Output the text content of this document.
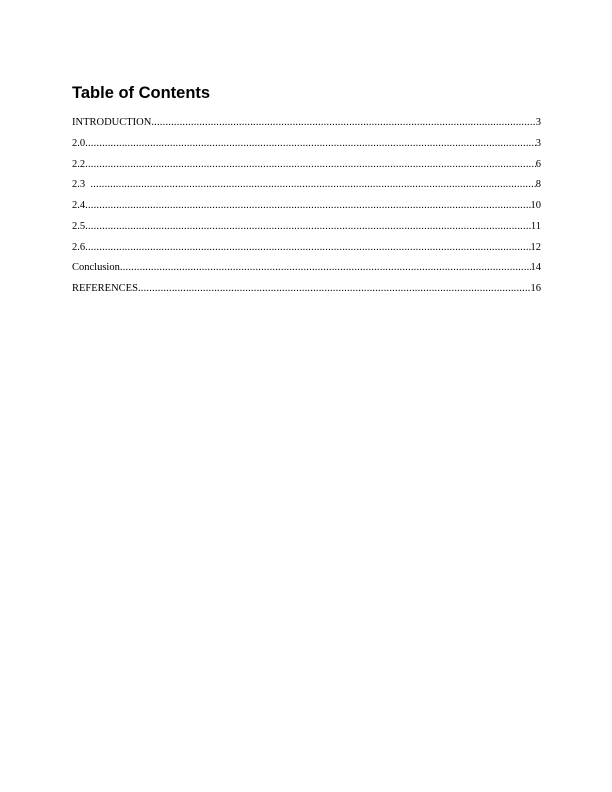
Table of Contents
INTRODUCTION .....	3
2.0 .....	3
2.2 .....	6
2.3 .....	8
2.4 .....	10
2.5 .....	11
2.6 .....	12
Conclusion .....	14
REFERENCES .....	16
